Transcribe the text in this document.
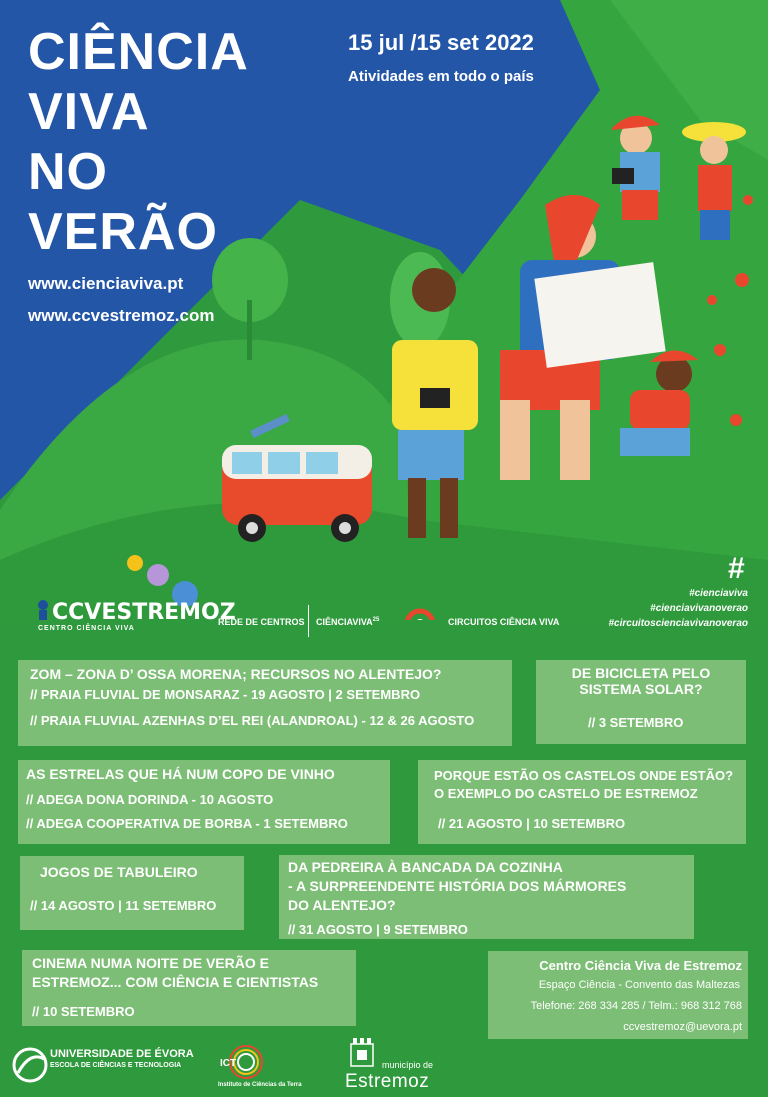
CIÊNCIA
VIVA
NO
VERÃO
15 jul /15 set 2022
Atividades em todo o país
www.cienciaviva.pt
www.ccvestremoz.com
CCVESTREMOZ
CENTRO CIÊNCIA VIVA
REDE DE CENTROS CIÊNCIAVIVA$^{25}$	CIRCUITOS CIÊNCIA VIVA
#
#cienciaviva
#cienciavivanoverao
#circuitoscienciavivanoverao
ZOM – ZONA D’ OSSA MORENA; RECURSOS NO ALENTEJO?
// PRAIA FLUVIAL DE MONSARAZ - 19 AGOSTO | 2 SETEMBRO
// PRAIA FLUVIAL AZENHAS D’EL REI (ALANDROAL) - 12 & 26 AGOSTO
DE BICICLETA PELO
SISTEMA SOLAR?
// 3 SETEMBRO
AS ESTRELAS QUE HÁ NUM COPO DE VINHO
// ADEGA DONA DORINDA - 10 AGOSTO
// ADEGA COOPERATIVA DE BORBA - 1 SETEMBRO
PORQUE ESTÃO OS CASTELOS ONDE ESTÃO?
O EXEMPLO DO CASTELO DE ESTREMOZ
// 21 AGOSTO | 10 SETEMBRO
JOGOS DE TABULEIRO
// 14 AGOSTO | 11 SETEMBRO
DA PEDREIRA À BANCADA DA COZINHA
- A SURPREENDENTE HISTÓRIA DOS MÁRMORES
DO ALENTEJO?
// 31 AGOSTO | 9 SETEMBRO
CINEMA NUMA NOITE DE VERÃO E
ESTREMOZ... COM CIÊNCIA E CIENTISTAS
// 10 SETEMBRO
Centro Ciência Viva de Estremoz
Espaço Ciência - Convento das Maltezas
Telefone: 268 334 285 / Telm.: 968 312 768
ccvestremoz@uevora.pt
UNIVERSIDADE DE ÉVORA
ESCOLA DE CIÊNCIAS E TECNOLOGIA	ICT
Instituto de Ciências da Terra
município de
Estremoz
